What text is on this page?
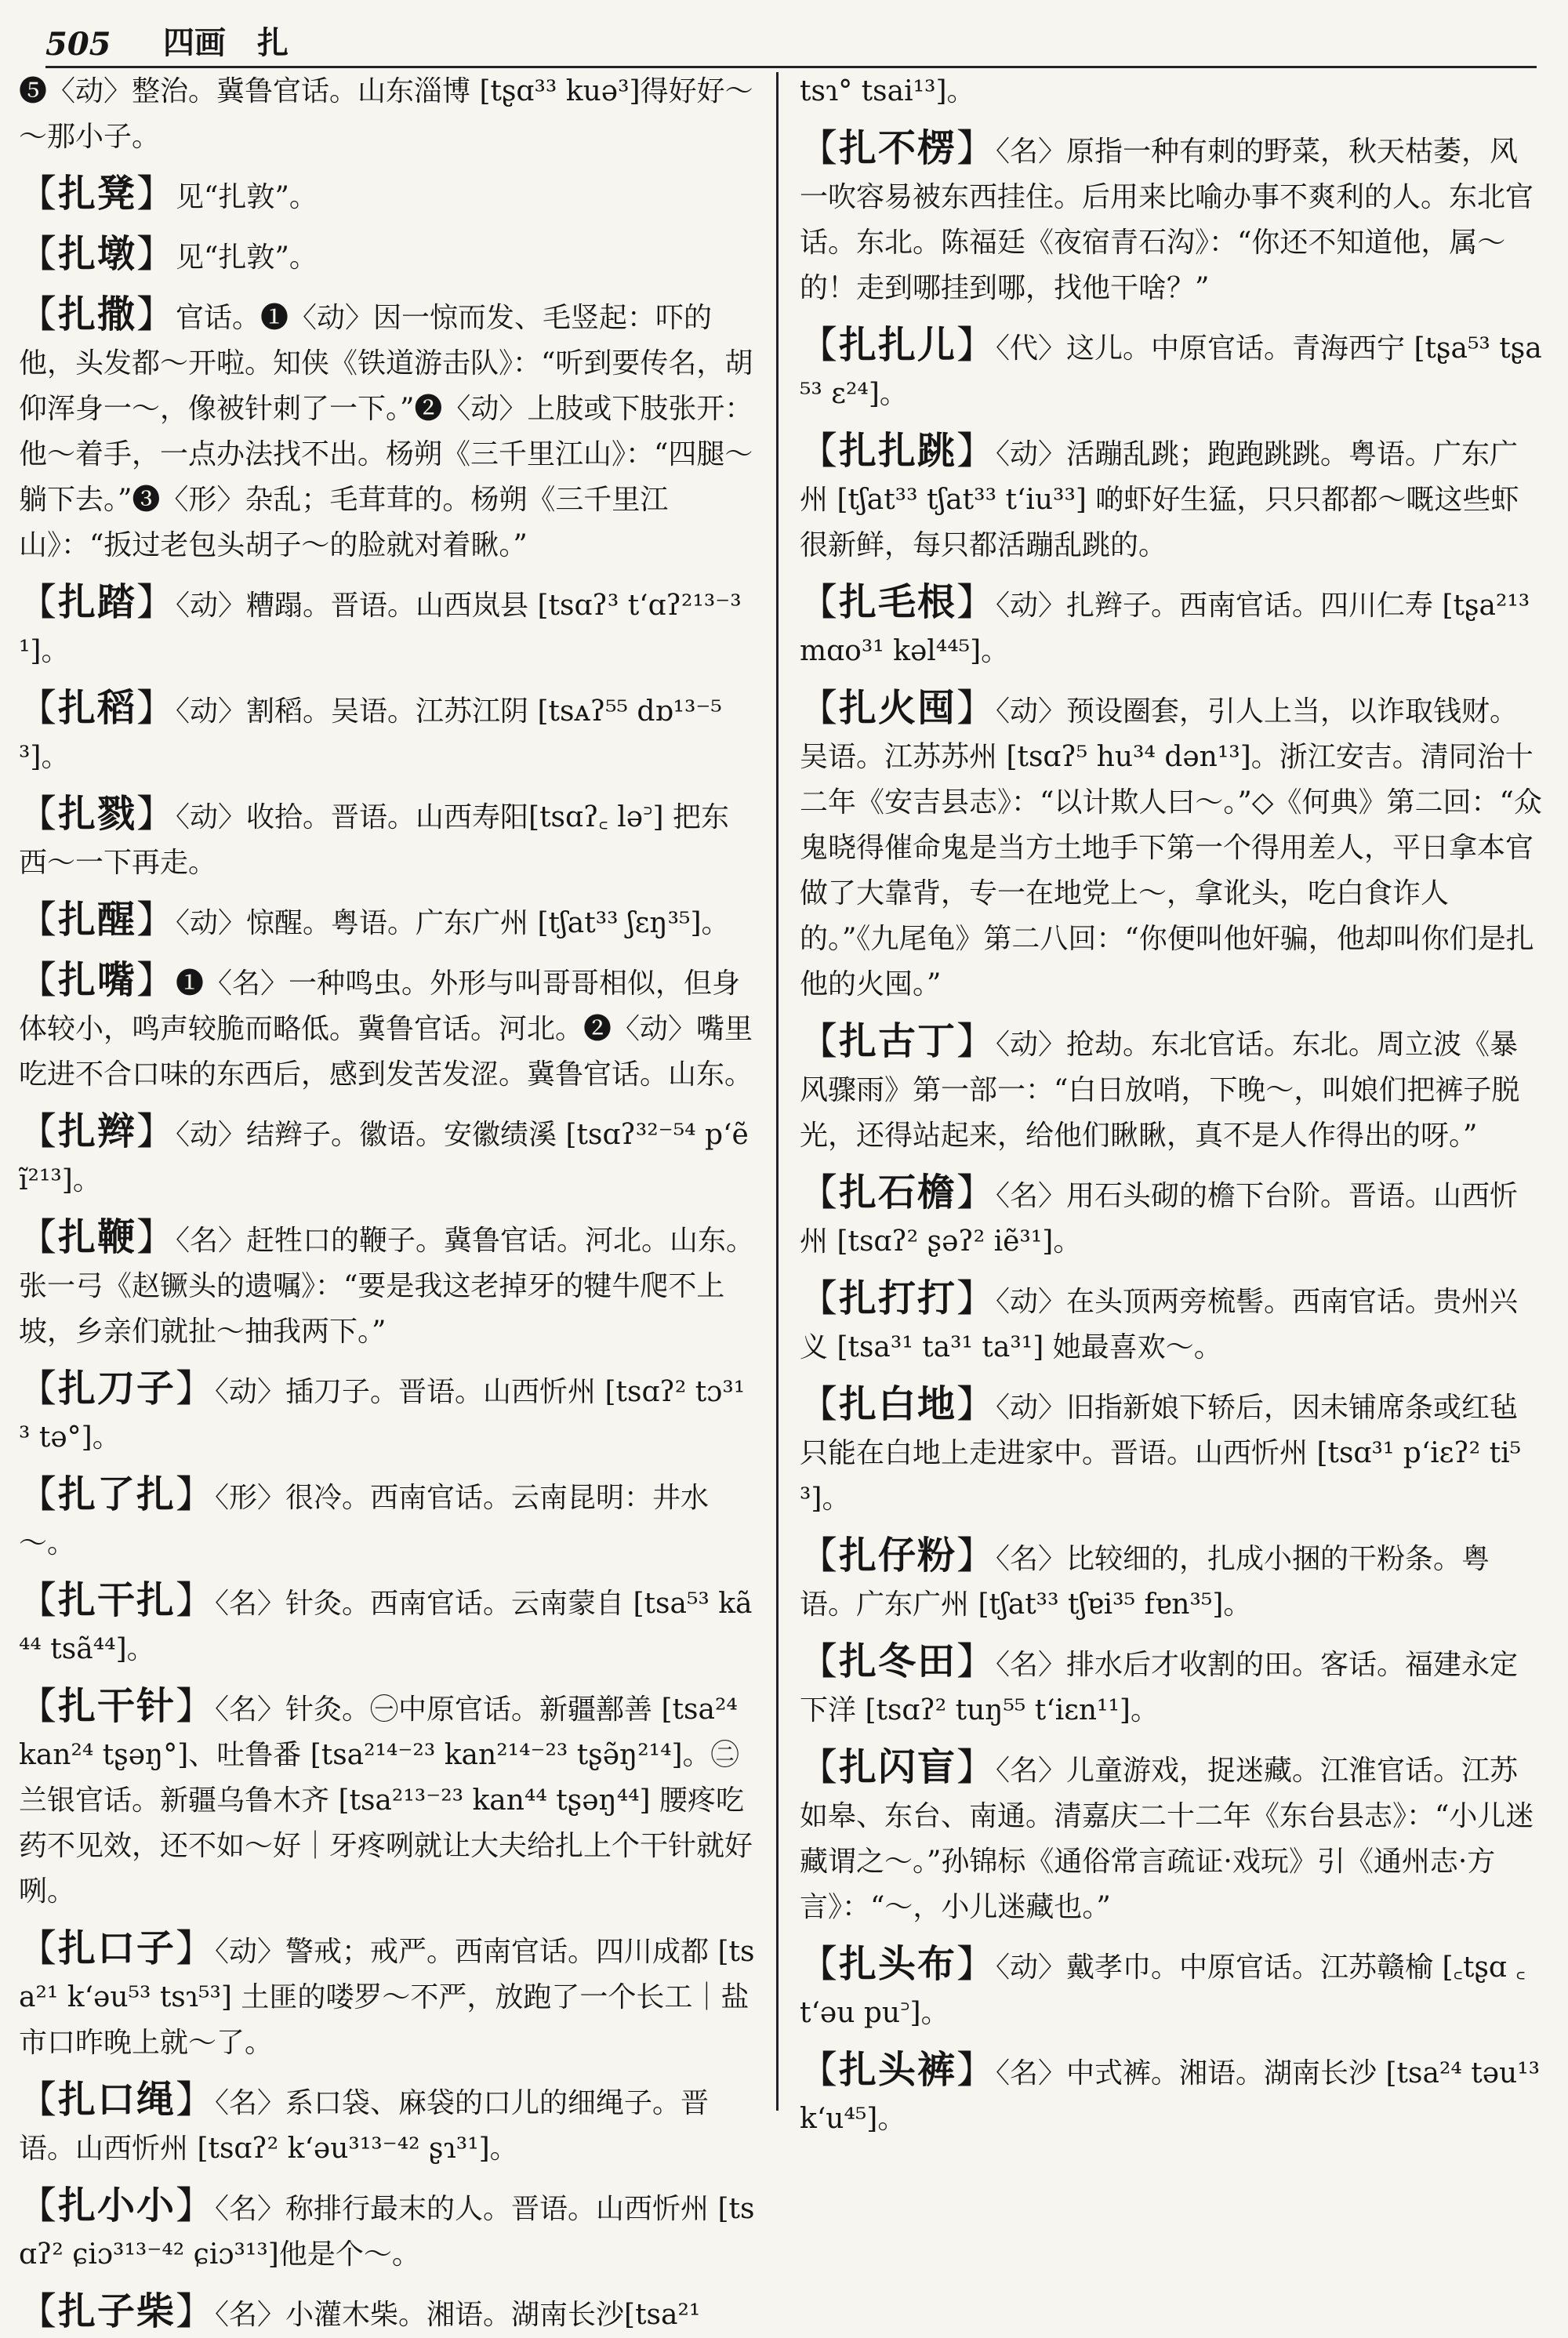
505	四画 扎

❺〈动〉整治。冀鲁官话。山东淄博 [tʂɑ³³ kuə³]得好好～～那小子。

【扎凳】见“扎敦”。

【扎墩】见“扎敦”。

【扎撒】官话。❶〈动〉因一惊而发、毛竖起：吓的他，头发都～开啦。知侠《铁道游击队》：“听到要传名，胡仰浑身一～，像被针刺了一下。”❷〈动〉上肢或下肢张开：他～着手，一点办法找不出。杨朔《三千里江山》：“四腿～躺下去。”❸〈形〉杂乱；毛茸茸的。杨朔《三千里江山》：“扳过老包头胡子～的脸就对着瞅。”

【扎踏】〈动〉糟蹋。晋语。山西岚县 [tsɑʔ³ t‘ɑʔ²¹³⁻³¹]。

【扎稻】〈动〉割稻。吴语。江苏江阴 [tsᴀʔ⁵⁵ dɒ¹³⁻⁵³]。

【扎戮】〈动〉收拾。晋语。山西寿阳[tsɑʔ꜀ lə꜄] 把东西～一下再走。

【扎醒】〈动〉惊醒。粤语。广东广州 [tʃat³³ ʃɛŋ³⁵]。

【扎嘴】❶〈名〉一种鸣虫。外形与叫哥哥相似，但身体较小，鸣声较脆而略低。冀鲁官话。河北。❷〈动〉嘴里吃进不合口味的东西后，感到发苦发涩。冀鲁官话。山东。

【扎辫】〈动〉结辫子。徽语。安徽绩溪 [tsɑʔ³²⁻⁵⁴ p‘ẽĩ²¹³]。

【扎鞭】〈名〉赶牲口的鞭子。冀鲁官话。河北。山东。张一弓《赵镢头的遗嘱》：“要是我这老掉牙的犍牛爬不上坡，乡亲们就扯～抽我两下。”

【扎刀子】〈动〉插刀子。晋语。山西忻州 [tsɑʔ² tɔ³¹³ tə°]。

【扎了扎】〈形〉很冷。西南官话。云南昆明：井水～。

【扎干扎】〈名〉针灸。西南官话。云南蒙自 [tsa⁵³ kã⁴⁴ tsã⁴⁴]。

【扎干针】〈名〉针灸。㊀中原官话。新疆鄯善 [tsa²⁴ kan²⁴ tʂəŋ°]、吐鲁番 [tsa²¹⁴⁻²³ kan²¹⁴⁻²³ tʂə̃ŋ²¹⁴]。㊁兰银官话。新疆乌鲁木齐 [tsa²¹³⁻²³ kan⁴⁴ tʂəŋ⁴⁴] 腰疼吃药不见效，还不如～好｜牙疼咧就让大夫给扎上个干针就好咧。

【扎口子】〈动〉警戒；戒严。西南官话。四川成都 [tsa²¹ k‘əu⁵³ tsɿ⁵³] 土匪的喽罗～不严，放跑了一个长工｜盐市口昨晚上就～了。

【扎口绳】〈名〉系口袋、麻袋的口儿的细绳子。晋语。山西忻州 [tsɑʔ² k‘əu³¹³⁻⁴² ʂɿ³¹]。

【扎小小】〈名〉称排行最末的人。晋语。山西忻州 [tsɑʔ² ɕiɔ³¹³⁻⁴² ɕiɔ³¹³]他是个～。

【扎子柴】〈名〉小灌木柴。湘语。湖南长沙[tsa²¹

tsɿ° tsai¹³]。

【扎不楞】〈名〉原指一种有刺的野菜，秋天枯萎，风一吹容易被东西挂住。后用来比喻办事不爽利的人。东北官话。东北。陈福廷《夜宿青石沟》：“你还不知道他，属～的！走到哪挂到哪，找他干啥？”

【扎扎儿】〈代〉这儿。中原官话。青海西宁 [tʂa⁵³ tʂa⁵³ ɛ²⁴]。

【扎扎跳】〈动〉活蹦乱跳；跑跑跳跳。粤语。广东广州 [tʃat³³ tʃat³³ t‘iu³³] 啲虾好生猛，只只都都～嘅这些虾很新鲜，每只都活蹦乱跳的。

【扎毛根】〈动〉扎辫子。西南官话。四川仁寿 [tʂa²¹³ mɑo³¹ kəl⁴⁴⁵]。

【扎火囤】〈动〉预设圈套，引人上当，以诈取钱财。吴语。江苏苏州 [tsɑʔ⁵ hu³⁴ dən¹³]。浙江安吉。清同治十二年《安吉县志》：“以计欺人曰～。”◇《何典》第二回：“众鬼晓得催命鬼是当方土地手下第一个得用差人，平日拿本官做了大靠背，专一在地党上～，拿讹头，吃白食诈人的。”《九尾龟》第二八回：“你便叫他奸骗，他却叫你们是扎他的火囤。”

【扎古丁】〈动〉抢劫。东北官话。东北。周立波《暴风骤雨》第一部一：“白日放哨，下晚～，叫娘们把裤子脱光，还得站起来，给他们瞅瞅，真不是人作得出的呀。”

【扎石檐】〈名〉用石头砌的檐下台阶。晋语。山西忻州 [tsɑʔ² ʂəʔ² iẽ³¹]。

【扎打打】〈动〉在头顶两旁梳髻。西南官话。贵州兴义 [tsa³¹ ta³¹ ta³¹] 她最喜欢～。

【扎白地】〈动〉旧指新娘下轿后，因未铺席条或红毡只能在白地上走进家中。晋语。山西忻州 [tsɑ³¹ p‘iɛʔ² ti⁵³]。

【扎仔粉】〈名〉比较细的，扎成小捆的干粉条。粤语。广东广州 [tʃat³³ tʃɐi³⁵ fɐn³⁵]。

【扎冬田】〈名〉排水后才收割的田。客话。福建永定下洋 [tsɑʔ² tuŋ⁵⁵ t‘iɛn¹¹]。

【扎闪盲】〈名〉儿童游戏，捉迷藏。江淮官话。江苏如皋、东台、南通。清嘉庆二十二年《东台县志》：“小儿迷藏谓之～。”孙锦标《通俗常言疏证·戏玩》引《通州志·方言》：“～，小儿迷藏也。”

【扎头布】〈动〉戴孝巾。中原官话。江苏赣榆 [꜀tʂɑ ꜀t‘əu pu꜄]。

【扎头裤】〈名〉中式裤。湘语。湖南长沙 [tsa²⁴ təu¹³ k‘u⁴⁵]。
